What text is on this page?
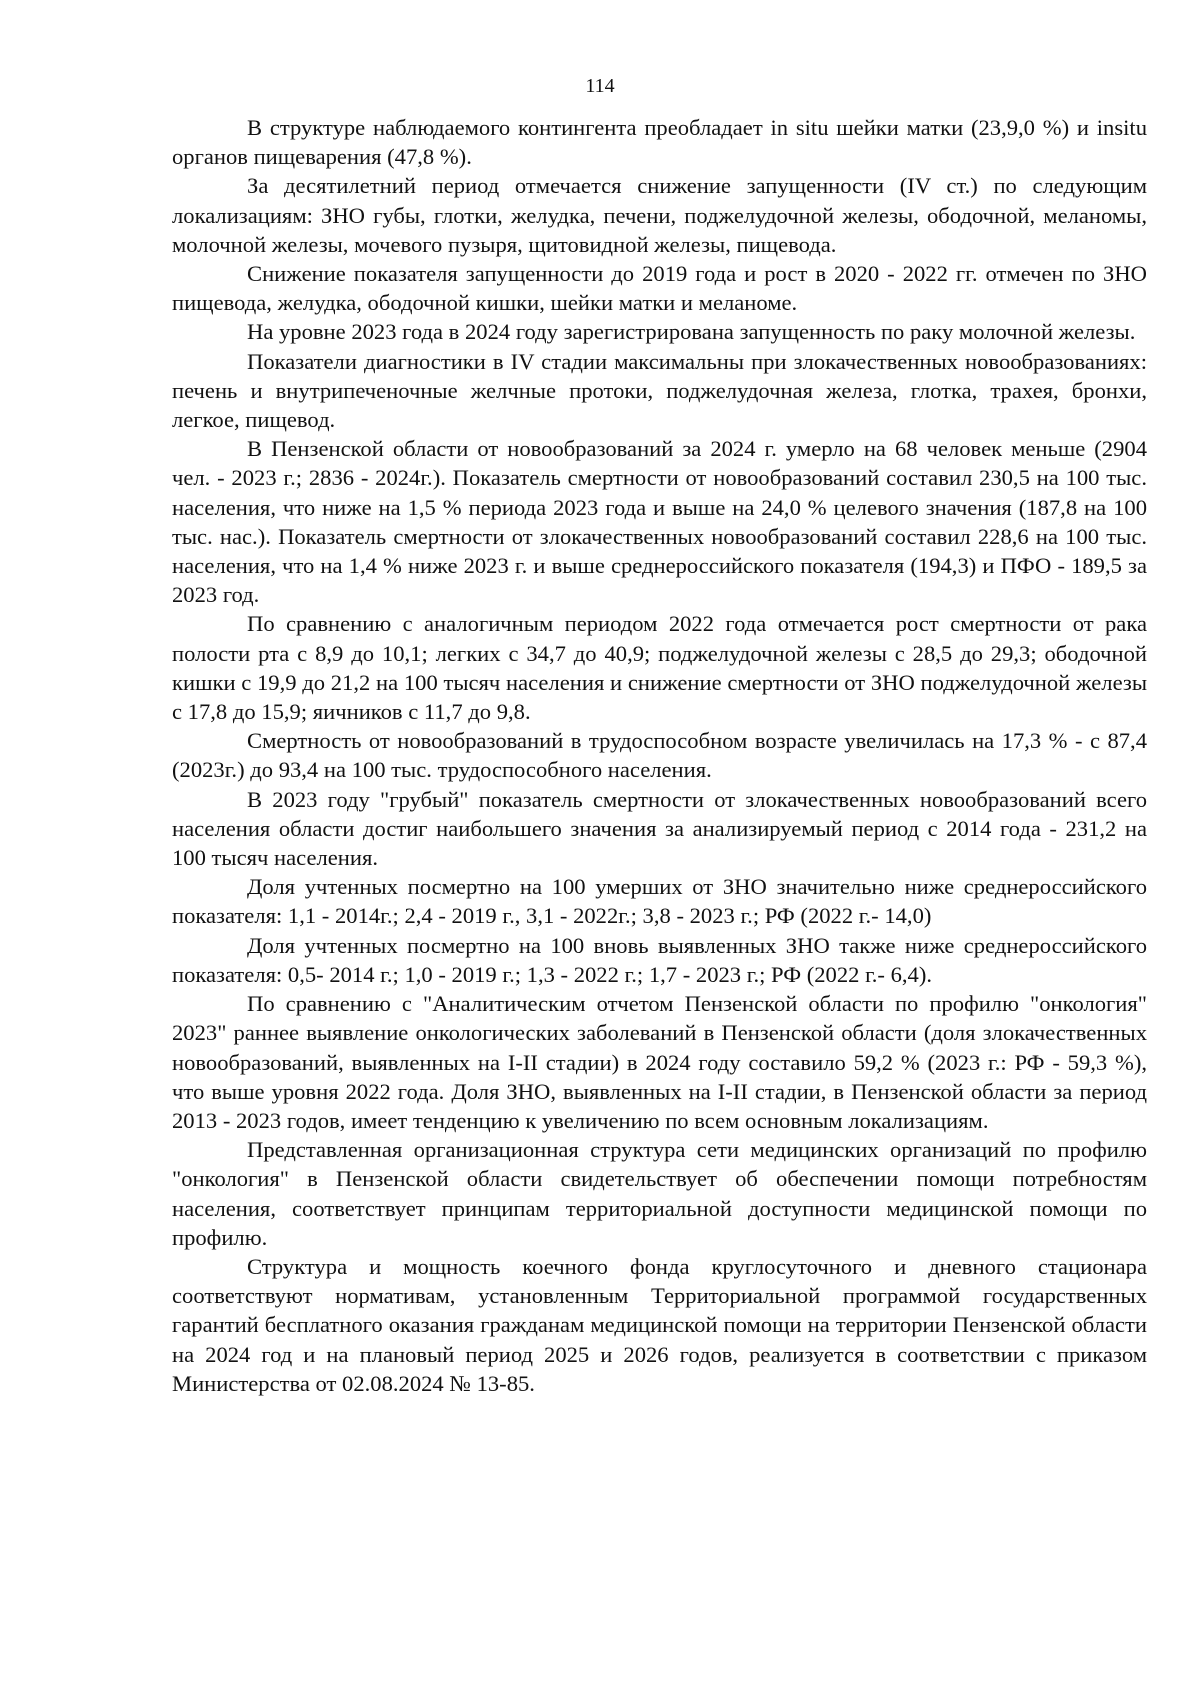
114

В структуре наблюдаемого контингента преобладает in situ шейки матки (23,9,0 %) и insitu органов пищеварения (47,8 %).

За десятилетний период отмечается снижение запущенности (IV ст.) по следующим локализациям: ЗНО губы, глотки, желудка, печени, поджелудочной железы, ободочной, меланомы, молочной железы, мочевого пузыря, щитовидной железы, пищевода.

Снижение показателя запущенности до 2019 года и рост в 2020 - 2022 гг. отмечен по ЗНО пищевода, желудка, ободочной кишки, шейки матки и меланоме.

На уровне 2023 года в 2024 году зарегистрирована запущенность по раку молочной железы.

Показатели диагностики в IV стадии максимальны при злокачественных новообразованиях: печень и внутрипеченочные желчные протоки, поджелудочная железа, глотка, трахея, бронхи, легкое, пищевод.

В Пензенской области от новообразований за 2024 г. умерло на 68 человек меньше (2904 чел. - 2023 г.; 2836 - 2024г.). Показатель смертности от новообразований составил 230,5 на 100 тыс. населения, что ниже на 1,5 % периода 2023 года и выше на 24,0 % целевого значения (187,8 на 100 тыс. нас.). Показатель смертности от злокачественных новообразований составил 228,6 на 100 тыс. населения, что на 1,4 % ниже 2023 г. и выше среднероссийского показателя (194,3) и ПФО - 189,5 за 2023 год.

По сравнению с аналогичным периодом 2022 года отмечается рост смертности от рака полости рта с 8,9 до 10,1; легких с 34,7 до 40,9; поджелудочной железы с 28,5 до 29,3; ободочной кишки с 19,9 до 21,2 на 100 тысяч населения и снижение смертности от ЗНО поджелудочной железы с 17,8 до 15,9; яичников с 11,7 до 9,8.

Смертность от новообразований в трудоспособном возрасте увеличилась на 17,3 % - с 87,4 (2023г.) до 93,4 на 100 тыс. трудоспособного населения.

В 2023 году "грубый" показатель смертности от злокачественных новообразований всего населения области достиг наибольшего значения за анализируемый период с 2014 года - 231,2 на 100 тысяч населения.

Доля учтенных посмертно на 100 умерших от ЗНО значительно ниже среднероссийского показателя: 1,1 - 2014г.; 2,4 - 2019 г., 3,1 - 2022г.; 3,8 - 2023 г.; РФ (2022 г.- 14,0)

Доля учтенных посмертно на 100 вновь выявленных ЗНО также ниже среднероссийского показателя: 0,5- 2014 г.; 1,0 - 2019 г.; 1,3 - 2022 г.; 1,7 - 2023 г.; РФ (2022 г.- 6,4).

По сравнению с "Аналитическим отчетом Пензенской области по профилю "онкология" 2023" раннее выявление онкологических заболеваний в Пензенской области (доля злокачественных новообразований, выявленных на I-II стадии) в 2024 году составило 59,2 % (2023 г.: РФ - 59,3 %), что выше уровня 2022 года. Доля ЗНО, выявленных на I-II стадии, в Пензенской области за период 2013 - 2023 годов, имеет тенденцию к увеличению по всем основным локализациям.

Представленная организационная структура сети медицинских организаций по профилю "онкология" в Пензенской области свидетельствует об обеспечении помощи потребностям населения, соответствует принципам территориальной доступности медицинской помощи по профилю.

Структура и мощность коечного фонда круглосуточного и дневного стационара соответствуют нормативам, установленным Территориальной программой государственных гарантий бесплатного оказания гражданам медицинской помощи на территории Пензенской области на 2024 год и на плановый период 2025 и 2026 годов, реализуется в соответствии с приказом Министерства от 02.08.2024 № 13-85.
